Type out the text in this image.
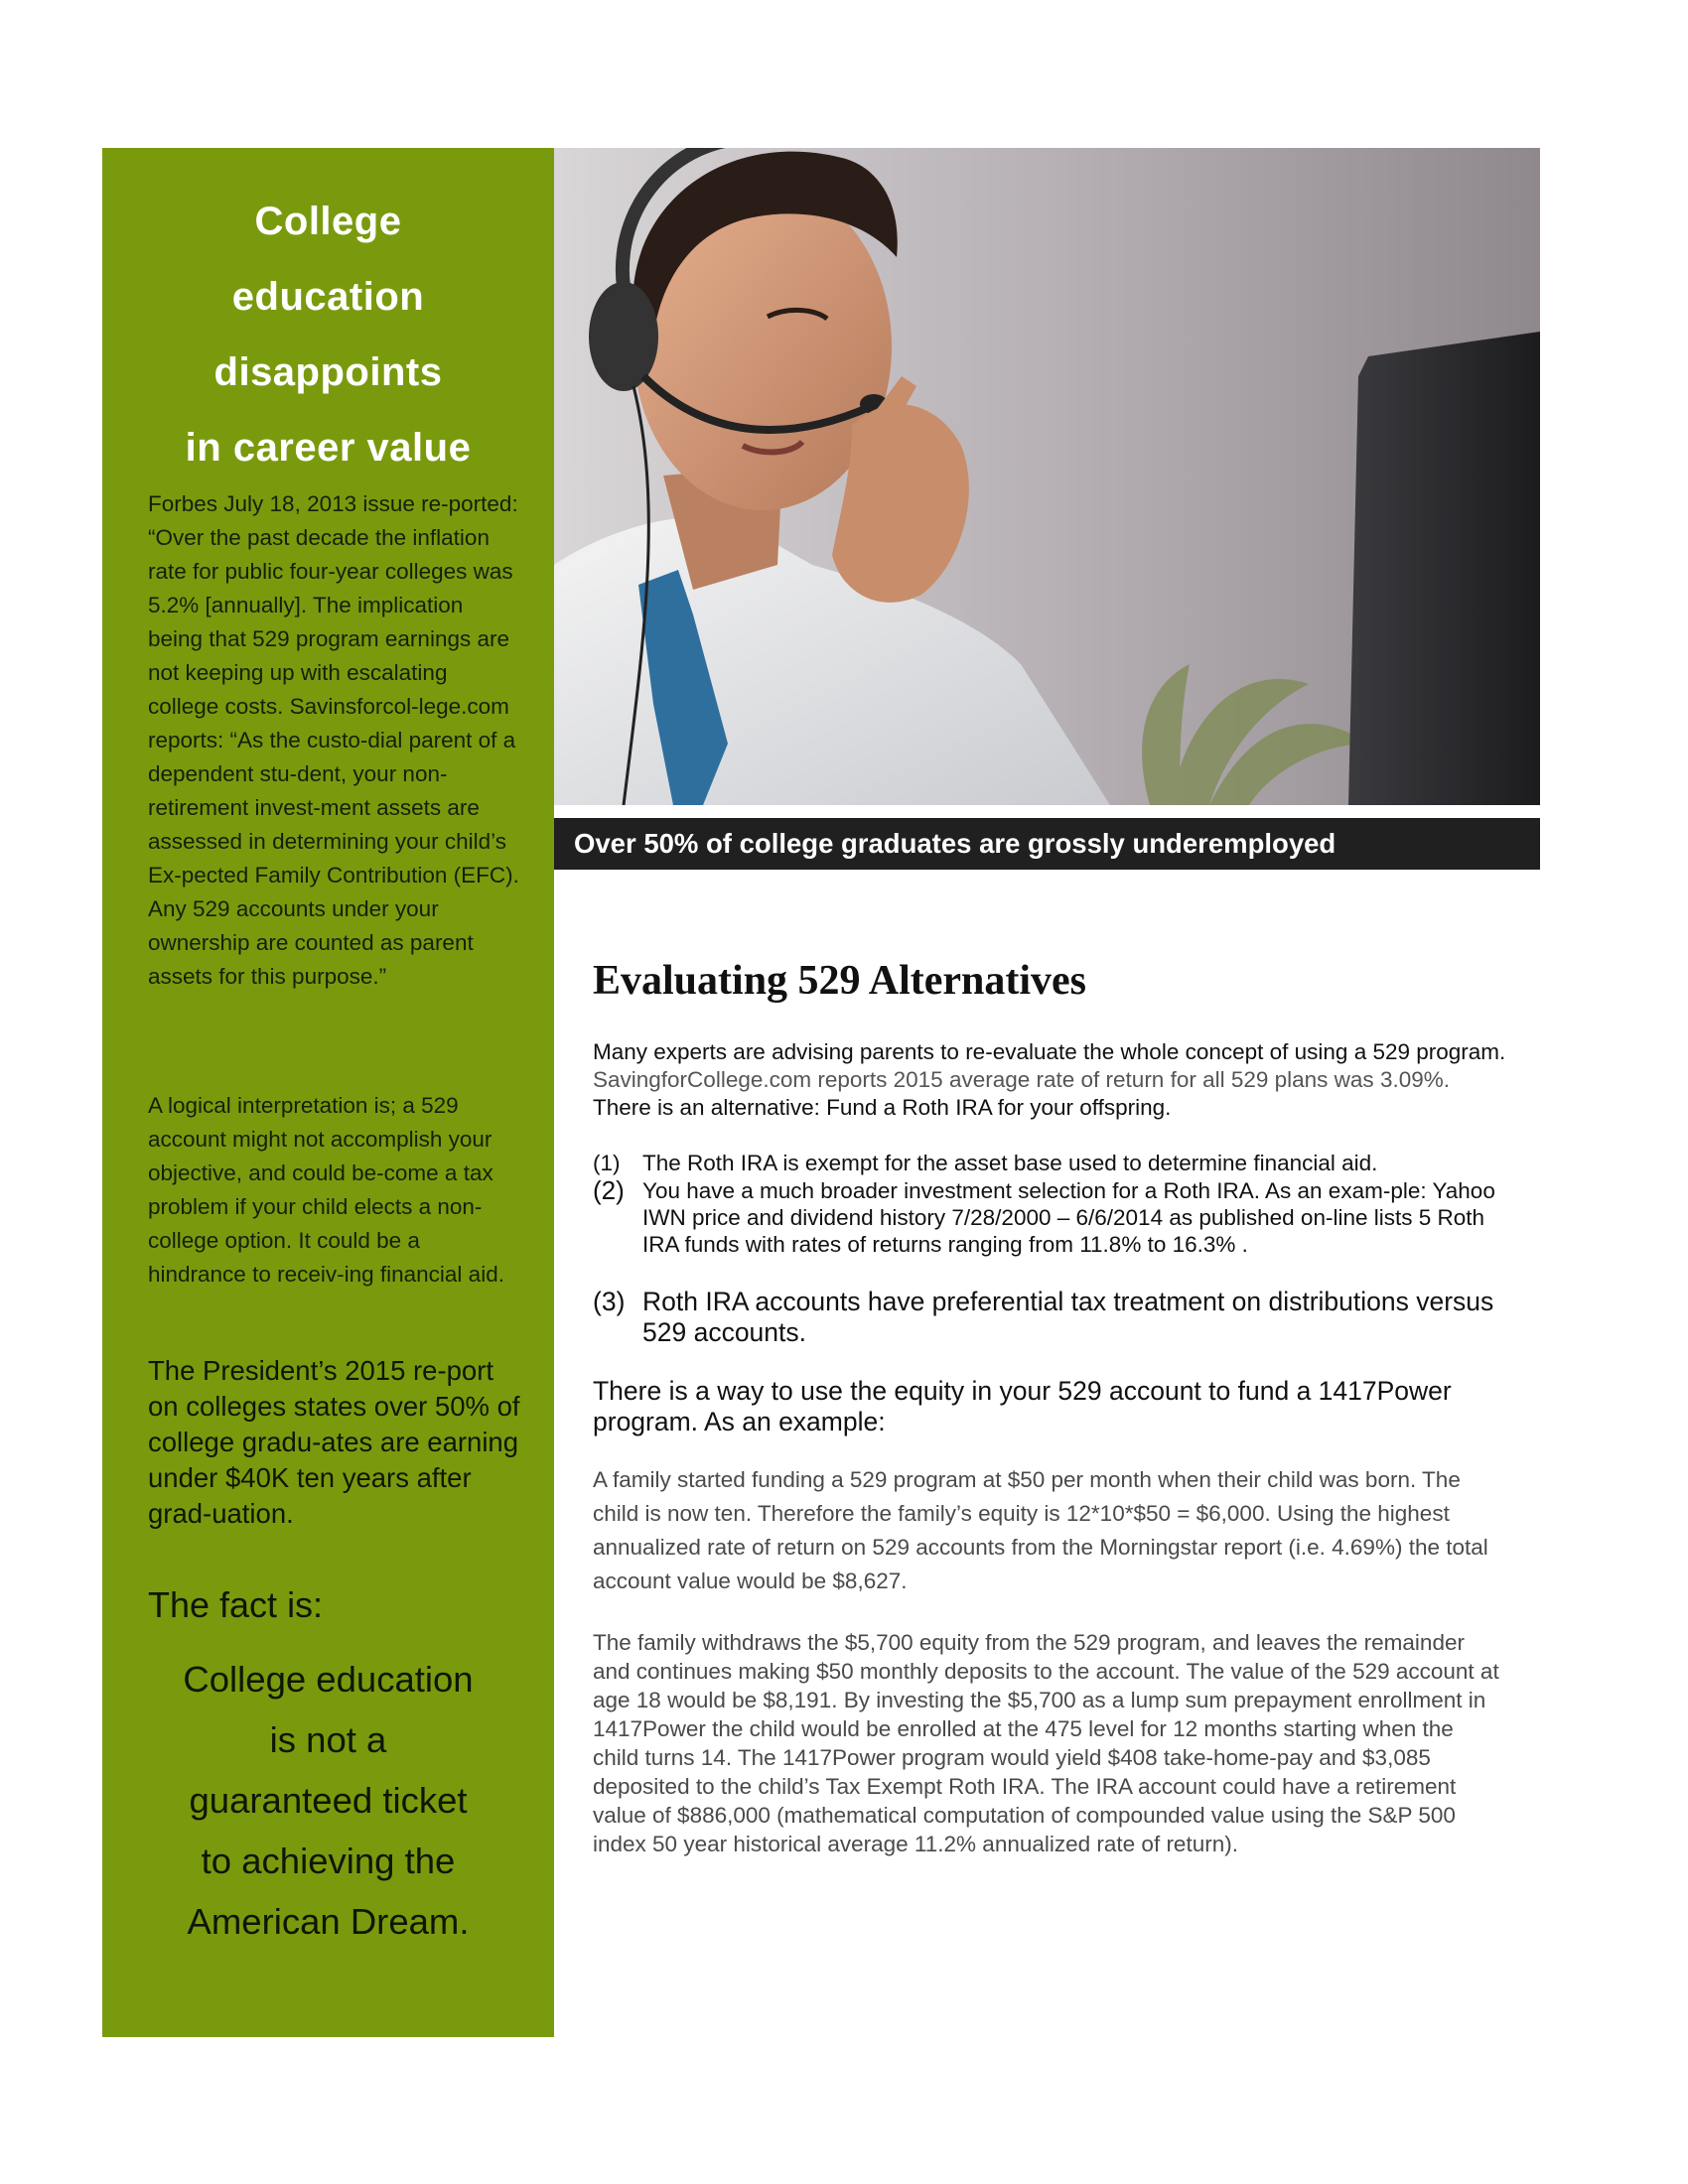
College
education
disappoints
in career value
Forbes July 18, 2013 issue re-ported: “Over the past decade the inflation rate for public four-year colleges was 5.2% [annually]. The implication being that 529 program earnings are not keeping up with escalating college costs. Savinsforcol-lege.com reports: “As the custo-dial parent of a dependent stu-dent, your non-retirement invest-ment assets are assessed in determining your child’s Ex-pected Family Contribution (EFC). Any 529 accounts under your ownership are counted as parent assets for this purpose.”
A logical interpretation is; a 529 account might not accomplish your objective, and could be-come a tax problem if your child elects a non-college option. It could be a hindrance to receiv-ing financial aid.
The President’s 2015 re-port on colleges states over 50% of college gradu-ates are earning under $40K ten years after grad-uation.
The fact is:
College education
is not a
guaranteed ticket
to achieving the
American Dream.
Over 50% of college graduates are grossly underemployed
Evaluating 529 Alternatives
Many experts are advising parents to re-evaluate the whole concept of using a 529 program. SavingforCollege.com reports 2015 average rate of return for all 529 plans was 3.09%.
There is an alternative: Fund a Roth IRA for your offspring.
(1) The Roth IRA is exempt for the asset base used to determine financial aid.
(2) You have a much broader investment selection for a Roth IRA. As an exam-ple: Yahoo IWN price and dividend history 7/28/2000 – 6/6/2014 as published on-line lists 5 Roth IRA funds with rates of returns ranging from 11.8% to 16.3% .
(3) Roth IRA accounts have preferential tax treatment on distributions versus 529 accounts.
There is a way to use the equity in your 529 account to fund a 1417Power program. As an example:
A family started funding a 529 program at $50 per month when their child was born. The child is now ten. Therefore the family’s equity is 12*10*$50 = $6,000. Using the highest annualized rate of return on 529 accounts from the Morningstar report (i.e. 4.69%) the total account value would be $8,627.
The family withdraws the $5,700 equity from the 529 program, and leaves the remainder and continues making $50 monthly deposits to the account. The value of the 529 account at age 18 would be $8,191. By investing the $5,700 as a lump sum prepayment enrollment in 1417Power the child would be enrolled at the 475 level for 12 months starting when the child turns 14. The 1417Power program would yield $408 take-home-pay and $3,085 deposited to the child’s Tax Exempt Roth IRA. The IRA account could have a retirement value of $886,000 (mathematical computation of compounded value using the S&P 500 index 50 year historical average 11.2% annualized rate of return).
